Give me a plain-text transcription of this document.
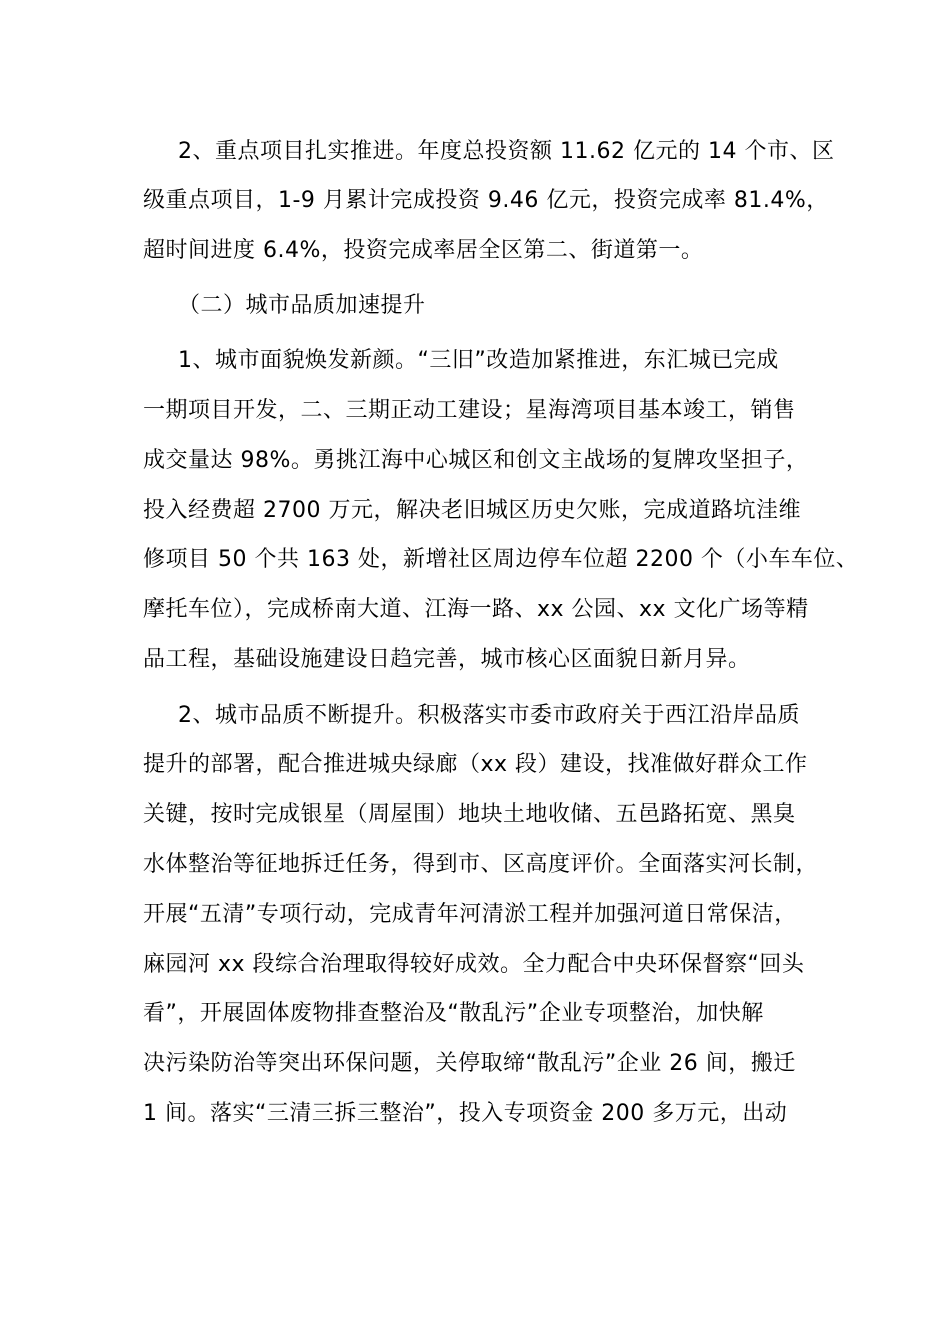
2、重点项目扎实推进。年度总投资额 11.62 亿元的 14 个市、区
级重点项目，1-9 月累计完成投资 9.46 亿元，投资完成率 81.4%，
超时间进度 6.4%，投资完成率居全区第二、街道第一。
（二）城市品质加速提升
1、城市面貌焕发新颜。“三旧”改造加紧推进，东汇城已完成
一期项目开发，二、三期正动工建设；星海湾项目基本竣工，销售
成交量达 98%。勇挑江海中心城区和创文主战场的复牌攻坚担子，
投入经费超 2700 万元，解决老旧城区历史欠账，完成道路坑洼维
修项目 50 个共 163 处，新增社区周边停车位超 2200 个（小车车位、
摩托车位），完成桥南大道、江海一路、xx 公园、xx 文化广场等精
品工程，基础设施建设日趋完善，城市核心区面貌日新月异。
2、城市品质不断提升。积极落实市委市政府关于西江沿岸品质
提升的部署，配合推进城央绿廊（xx 段）建设，找准做好群众工作
关键，按时完成银星（周屋围）地块土地收储、五邑路拓宽、黑臭
水体整治等征地拆迁任务，得到市、区高度评价。全面落实河长制，
开展“五清”专项行动，完成青年河清淤工程并加强河道日常保洁，
麻园河 xx 段综合治理取得较好成效。全力配合中央环保督察“回头
看”，开展固体废物排查整治及“散乱污”企业专项整治，加快解
决污染防治等突出环保问题，关停取缔“散乱污”企业 26 间，搬迁
1 间。落实“三清三拆三整治”，投入专项资金 200 多万元，出动
